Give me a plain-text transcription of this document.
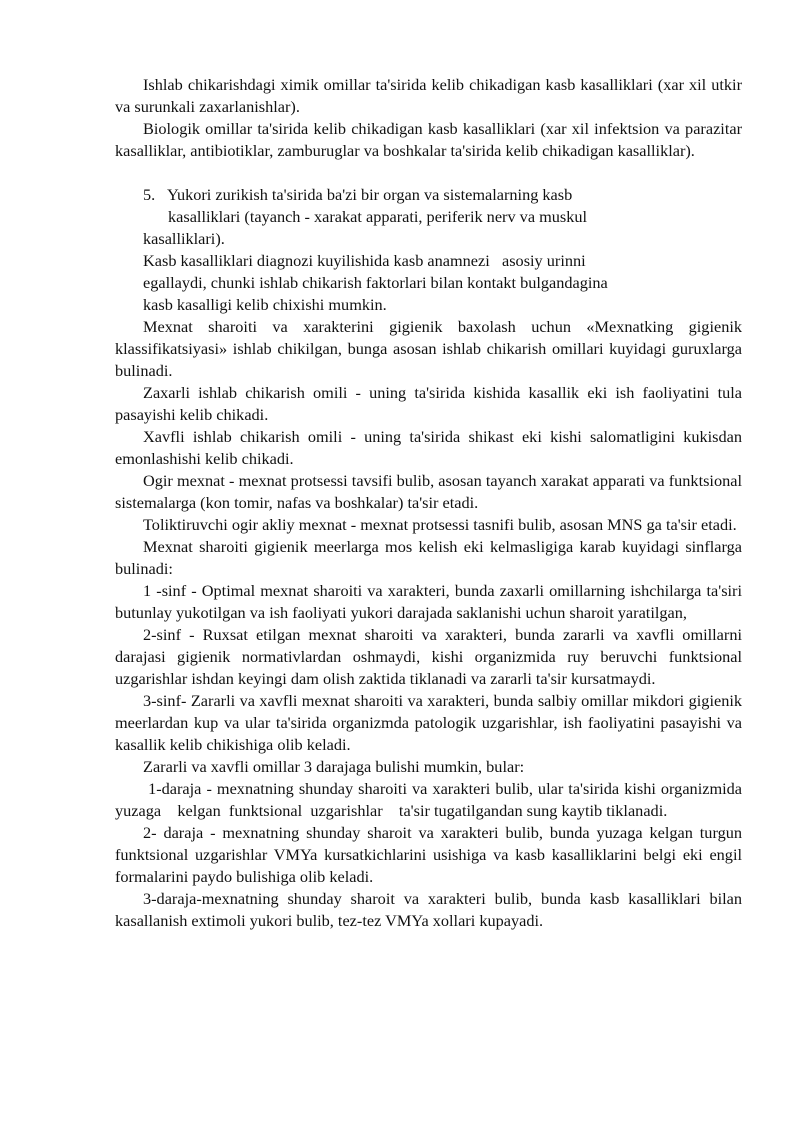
Ishlab chikarishdagi ximik omillar ta'sirida kelib chikadigan kasb kasalliklari (xar xil utkir va surunkali zaxarlanishlar).

Biologik omillar ta'sirida kelib chikadigan kasb kasalliklari (xar xil infektsion va parazitar kasalliklar, antibiotiklar, zamburuglar va boshkalar ta'sirida kelib chikadigan kasalliklar).

5. Yukori zurikish ta'sirida ba'zi bir organ va sistemalarning kasb
kasalliklari (tayanch - xarakat apparati, periferik nerv va muskul
kasalliklari).
Kasb kasalliklari diagnozi kuyilishida kasb anamnezi   asosiy urinni
egallaydi, chunki ishlab chikarish faktorlari bilan kontakt bulgandagina
kasb kasalligi kelib chixishi mumkin.

Mexnat sharoiti va xarakterini gigienik baxolash uchun «Mexnatking gigienik klassifikatsiyasi» ishlab chikilgan, bunga asosan ishlab chikarish omillari kuyidagi guruxlarga bulinadi.

Zaxarli ishlab chikarish omili - uning ta'sirida kishida kasallik eki ish faoliyatini tula pasayishi kelib chikadi.

Xavfli ishlab chikarish omili - uning ta'sirida shikast eki kishi salomatligini kukisdan emonlashishi kelib chikadi.

Ogir mexnat - mexnat protsessi tavsifi bulib, asosan tayanch xarakat apparati va funktsional sistemalarga (kon tomir, nafas va boshkalar) ta'sir etadi.

Toliktiruvchi ogir akliy mexnat - mexnat protsessi tasnifi bulib, asosan MNS ga ta'sir etadi.

Mexnat sharoiti gigienik meerlarga mos kelish eki kelmasligiga karab kuyidagi sinflarga bulinadi:

1 -sinf - Optimal mexnat sharoiti va xarakteri, bunda zaxarli omillarning ishchilarga ta'siri butunlay yukotilgan va ish faoliyati yukori darajada saklanishi uchun sharoit yaratilgan,

2-sinf - Ruxsat etilgan mexnat sharoiti va xarakteri, bunda zararli va xavfli omillarni darajasi gigienik normativlardan oshmaydi, kishi organizmida ruy beruvchi funktsional uzgarishlar ishdan keyingi dam olish zaktida tiklanadi va zararli ta'sir kursatmaydi.

3-sinf- Zararli va xavfli mexnat sharoiti va xarakteri, bunda salbiy omillar mikdori gigienik meerlardan kup va ular ta'sirida organizmda patologik uzgarishlar, ish faoliyatini pasayishi va kasallik kelib chikishiga olib keladi.

Zararli va xavfli omillar 3 darajaga bulishi mumkin, bular:

1-daraja - mexnatning shunday sharoiti va xarakteri bulib, ular ta'sirida kishi organizmida  yuzaga    kelgan  funktsional  uzgarishlar    ta'sir tugatilgandan sung kaytib tiklanadi.

2- daraja - mexnatning shunday sharoit va xarakteri bulib, bunda yuzaga kelgan turgun funktsional uzgarishlar VMYa kursatkichlarini usishiga va kasb kasalliklarini belgi eki engil formalarini paydo bulishiga olib keladi.

3-daraja-mexnatning shunday sharoit va xarakteri bulib, bunda kasb kasalliklari bilan kasallanish extimoli yukori bulib, tez-tez VMYa xollari kupayadi.
